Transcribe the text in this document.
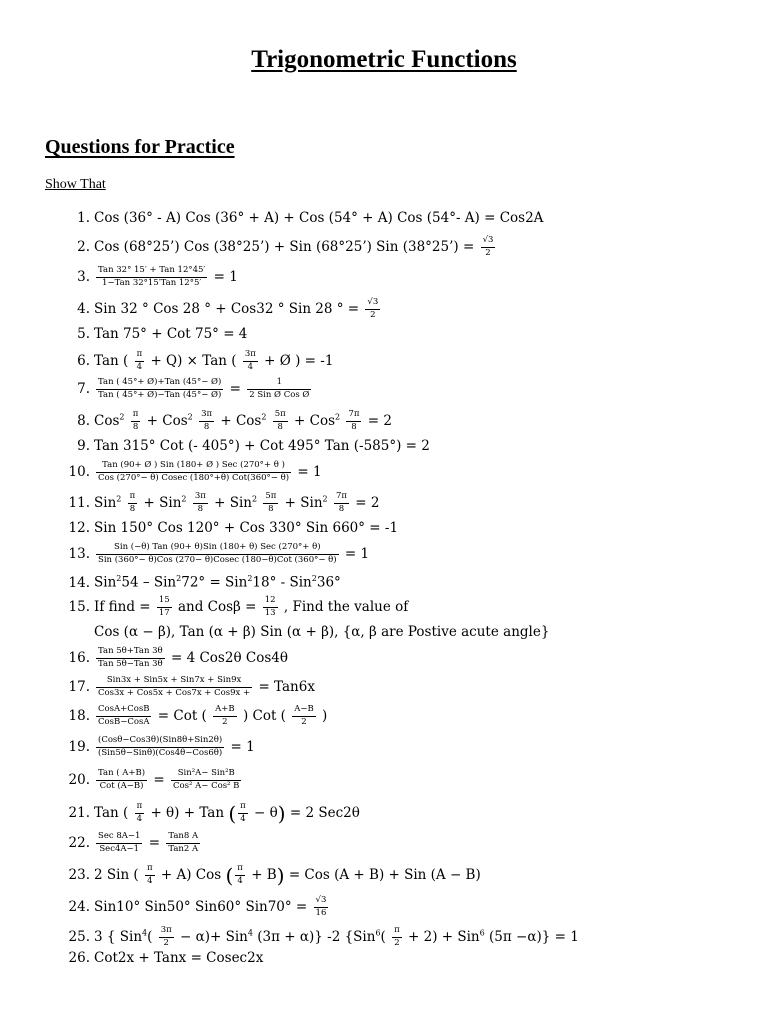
Trigonometric Functions
Questions for Practice
Show That
1. Cos (36° - A) Cos (36° + A) + Cos (54° + A) Cos (54°- A) = Cos2A
2. Cos (68°25’) Cos (38°25’) + Sin (68°25’) Sin (38°25’) = $\frac{√3}{2}$
3. $\frac{\text{Tan 32° 15′ + Tan 12°45′}}{\text{1−Tan 32°15′Tan 12°5′}} = 1$
4. Sin 32 ° Cos 28 ° + Cos32 ° Sin 28 ° = $\frac{√3}{2}$
5. Tan 75° + Cot 75° = 4
6. Tan ( $\frac{\pi}{4} + Q$) × Tan ( $\frac{3\pi}{4}$ + Ø ) = -1
7. $\frac{\text{Tan ( 45°+ Ø)+Tan (45°− Ø)}}{\text{Tan ( 45°+ Ø)−Tan (45°− Ø)}} = \frac{1}{\text{2 Sin Ø Cos Ø}}$
8. $Cos^2 \frac{\pi}{8} + Cos^2 \frac{3\pi}{8} + Cos^2 \frac{5\pi}{8} + Cos^2 \frac{7\pi}{8} = 2$
9. Tan 315° Cot (- 405°) + Cot 495° Tan (-585°) = 2
10. $\frac{\text{Tan (90+ Ø ) Sin (180+ Ø ) Sec (270°+ θ )}}{\text{Cos (270°− θ) Cosec (180°+θ) Cot(360°− θ)}} = 1$
11. $Sin^2 \frac{\pi}{8} + Sin^2 \frac{3\pi}{8} + Sin^2 \frac{5\pi}{8} + Sin^2 \frac{7\pi}{8} = 2$
12. Sin 150° Cos 120° + Cos 330° Sin 660° = -1
13. $\frac{\text{Sin (−θ) Tan (90+ θ)Sin (180+ θ) Sec (270°+ θ)}}{\text{Sin (360°− θ)Cos (270− θ)Cosec (180−θ)Cot (360°− θ)}} = 1$
14. Sin$^2$54 – Sin$^2$72° = Sin$^2$18° - Sin$^2$36°
15. If find = $\frac{15}{17}$ and $Cos\beta = \frac{12}{13}$ , Find the value of
Cos (α − β), Tan (α + β) Sin (α + β), {α, β are Postive acute angle}
16. $\frac{\text{Tan 5θ+Tan 3θ}}{\text{Tan 5θ−Tan 3θ}} = 4$ Cos2θ Cos4θ
17. $\frac{\text{Sin3x + Sin5x + Sin7x + Sin9x}}{\text{Cos3x + Cos5x + Cos7x + Cos9x +}} = Tan6x$
18. $\frac{\text{CosA+CosB}}{\text{CosB−CosA}}$ = Cot ( $\frac{A+B}{2}$ ) Cot ( $\frac{A-B}{2}$ )
19. $\frac{\text{(Cosθ−Cos3θ)(Sin8θ+Sin2θ)}}{\text{(Sin5θ−Sinθ)(Cos4θ−Cos6θ)}} = 1$
20. $\frac{\text{Tan ( A+B)}}{\text{Cot (A−B)}} = \frac{\text{Sin²A− Sin²B}}{\text{Cos² A− Cos² B}}$
21. Tan ( $\frac{\pi}{4} + \theta$) + Tan ( $\frac{\pi}{4} - \theta) = 2$ Sec2θ
22. $\frac{\text{Sec 8A−1}}{\text{Sec4A−1}} = \frac{\text{Tan8 A}}{\text{Tan2 A}}$
23. 2 Sin ( $\frac{\pi}{4} + A$) Cos ( $\frac{\pi}{4} + B$) = Cos (A + B) + Sin (A − B)
24. Sin10° Sin50° Sin60° $Sin70^\circ = \frac{√3}{16}$
25. 3 { $Sin^4( \frac{3\pi}{2} - \alpha)+ Sin^4$ (3π + α)} -2 {$Sin^6( \frac{\pi}{2} + 2) + Sin^6$ (5π −α)} = 1
26. Cot2x + Tanx = Cosec2x
